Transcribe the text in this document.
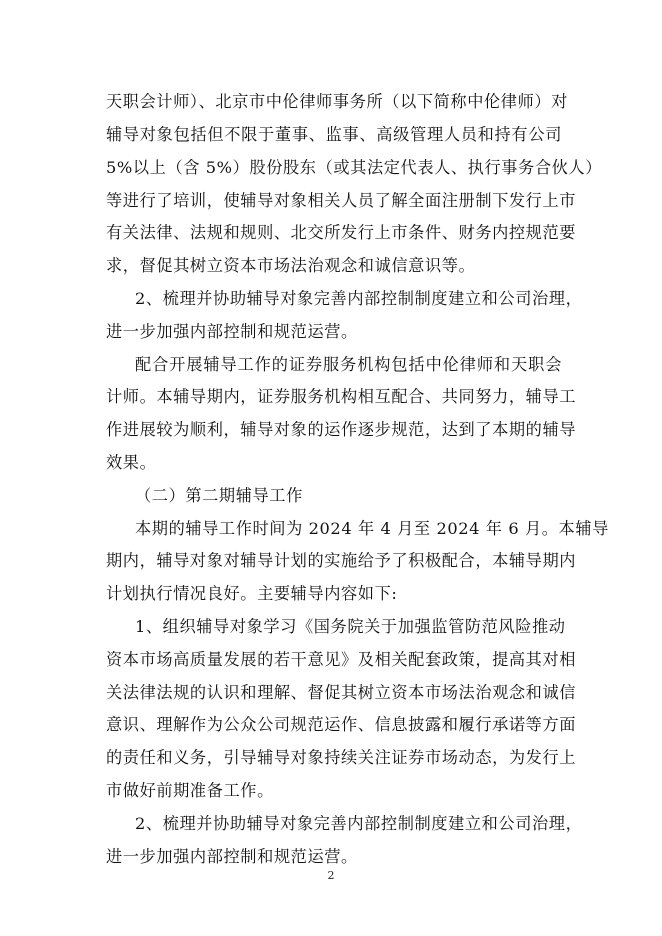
天职会计师）、北京市中伦律师事务所（以下简称中伦律师）对
辅导对象包括但不限于董事、监事、高级管理人员和持有公司
5%以上（含 5%）股份股东（或其法定代表人、执行事务合伙人）
等进行了培训，使辅导对象相关人员了解全面注册制下发行上市
有关法律、法规和规则、北交所发行上市条件、财务内控规范要
求，督促其树立资本市场法治观念和诚信意识等。
2、梳理并协助辅导对象完善内部控制制度建立和公司治理，
进一步加强内部控制和规范运营。
配合开展辅导工作的证券服务机构包括中伦律师和天职会
计师。本辅导期内，证券服务机构相互配合、共同努力，辅导工
作进展较为顺利，辅导对象的运作逐步规范，达到了本期的辅导
效果。
（二）第二期辅导工作
本期的辅导工作时间为 2024 年 4 月至 2024 年 6 月。本辅导
期内，辅导对象对辅导计划的实施给予了积极配合，本辅导期内
计划执行情况良好。主要辅导内容如下:
1、组织辅导对象学习《国务院关于加强监管防范风险推动
资本市场高质量发展的若干意见》及相关配套政策，提高其对相
关法律法规的认识和理解、督促其树立资本市场法治观念和诚信
意识、理解作为公众公司规范运作、信息披露和履行承诺等方面
的责任和义务，引导辅导对象持续关注证券市场动态，为发行上
市做好前期准备工作。
2、梳理并协助辅导对象完善内部控制制度建立和公司治理，
进一步加强内部控制和规范运营。
2
